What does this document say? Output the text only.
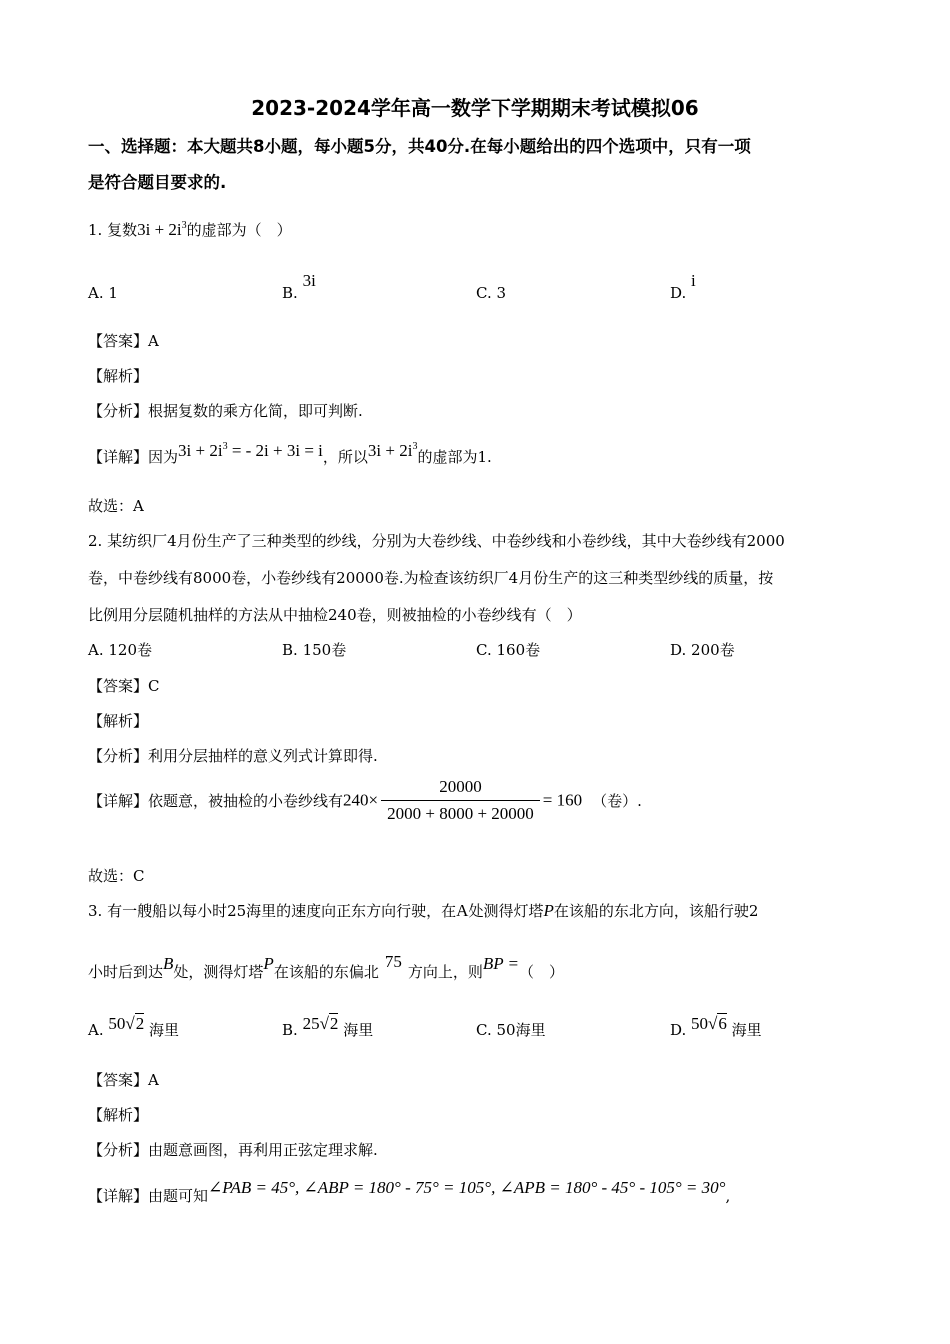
2023-2024学年高一数学下学期期末考试模拟06
一、选择题：本大题共8小题，每小题5分，共40分.在每小题给出的四个选项中，只有一项
是符合题目要求的.
1. 复数$3i + 2i^3$的虚部为（　）
A. 1	B. 3i
C. 3	D. i
【答案】A
【解析】
【分析】根据复数的乘方化简，即可判断.
【详解】因为$3i + 2i^3$ = - 2i + 3i = i，所以$3i + 2i^3$的虚部为1.
故选：A
2. 某纺织厂4月份生产了三种类型的纱线，分别为大卷纱线、中卷纱线和小卷纱线，其中大卷纱线有2000
卷，中卷纱线有8000卷，小卷纱线有20000卷.为检查该纺织厂4月份生产的这三种类型纱线的质量，按
比例用分层随机抽样的方法从中抽检240卷，则被抽检的小卷纱线有（　）
A. 120卷	B. 150卷	C. 160卷	D. 200卷
【答案】C
【解析】
【分析】利用分层抽样的意义列式计算即得.
【详解】依题意，被抽检的小卷纱线有$240\times \frac{20000}{2000 + 8000 + 20000} = 160$ （卷）.
故选：C
3. 有一艘船以每小时25海里的速度向正东方向行驶，在A处测得灯塔P在该船的东北方向，该船行驶2
小时后到达B处，测得灯塔P在该船的东偏北75方向上，则BP =（　）
A. 50√2 海里	B. 25√2 海里	C. 50海里	D. 50√6 海里
【答案】A
【解析】
【分析】由题意画图，再利用正弦定理求解.
【详解】由题可知∠PAB = 45°, ∠ABP = 180° - 75° = 105°, ∠APB = 180° - 45° - 105° = 30°,
